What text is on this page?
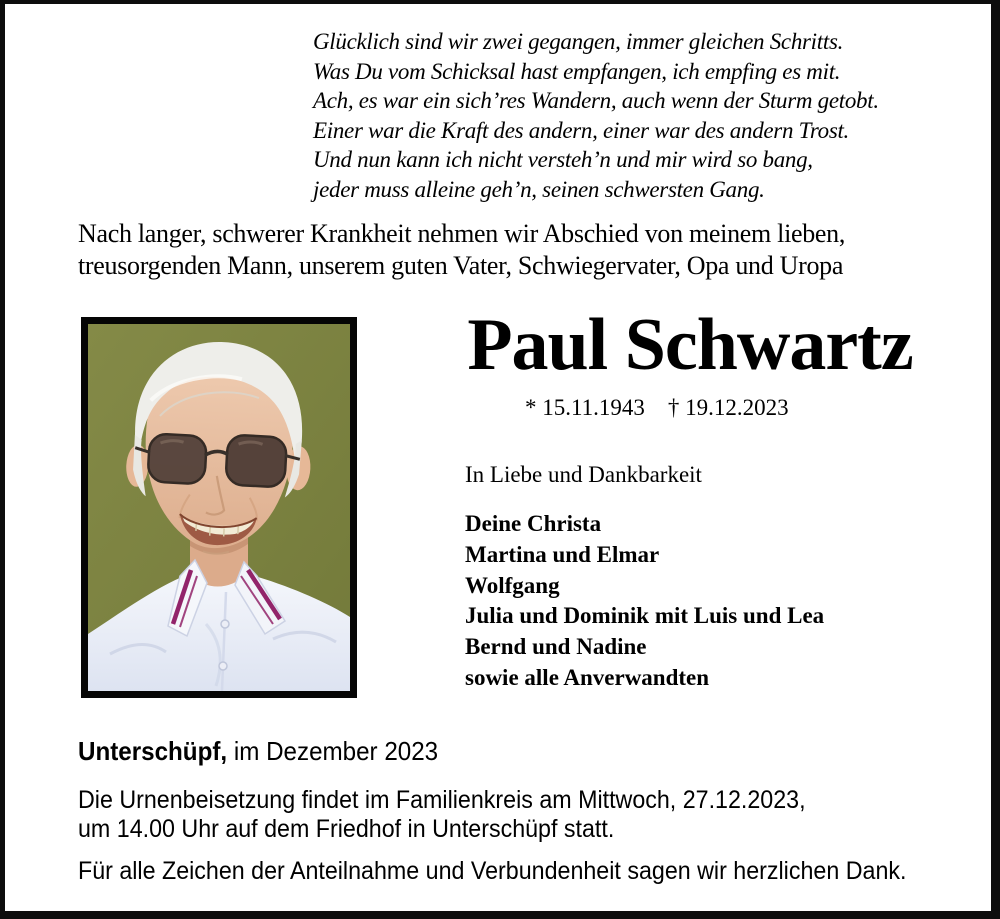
Glücklich sind wir zwei gegangen, immer gleichen Schritts.
Was Du vom Schicksal hast empfangen, ich empfing es mit.
Ach, es war ein sich’res Wandern, auch wenn der Sturm getobt.
Einer war die Kraft des andern, einer war des andern Trost.
Und nun kann ich nicht versteh’n und mir wird so bang,
jeder muss alleine geh’n, seinen schwersten Gang.
Nach langer, schwerer Krankheit nehmen wir Abschied von meinem lieben,
treusorgenden Mann, unserem guten Vater, Schwiegervater, Opa und Uropa
Paul Schwartz
* 15.11.1943 † 19.12.2023
In Liebe und Dankbarkeit
Deine Christa
Martina und Elmar
Wolfgang
Julia und Dominik mit Luis und Lea
Bernd und Nadine
sowie alle Anverwandten
Unterschüpf, im Dezember 2023
Die Urnenbeisetzung findet im Familienkreis am Mittwoch, 27.12.2023,
um 14.00 Uhr auf dem Friedhof in Unterschüpf statt.
Für alle Zeichen der Anteilnahme und Verbundenheit sagen wir herzlichen Dank.
